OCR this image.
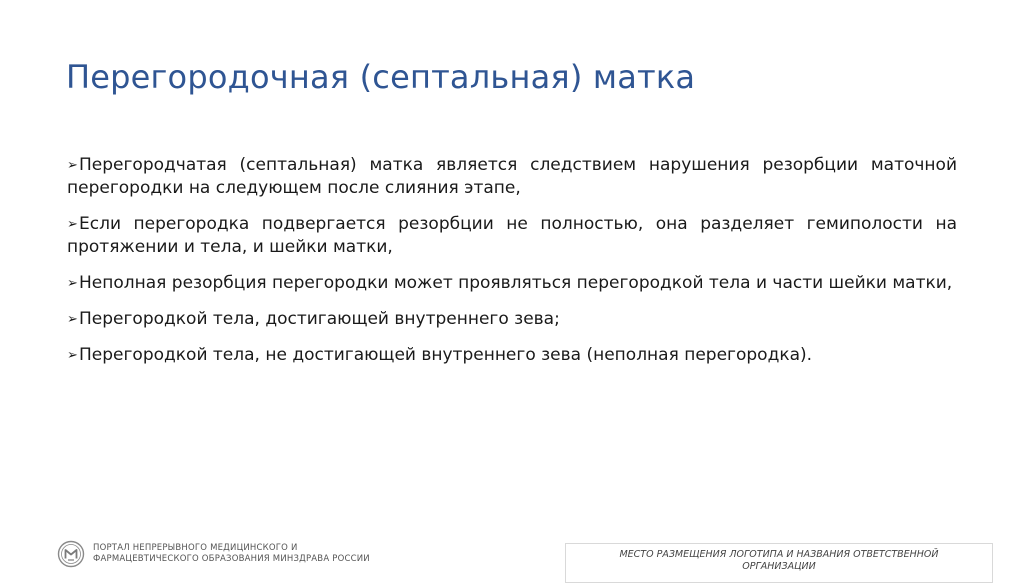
Перегородочная (септальная) матка
➢Перегородчатая (септальная) матка является следствием нарушения резорбции маточной перегородки на следующем после слияния этапе,
➢Если перегородка подвергается резорбции не полностью, она разделяет гемиполости на протяжении и тела, и шейки матки,
➢Неполная резорбция перегородки может проявляться перегородкой тела и части шейки матки,
➢Перегородкой тела, достигающей внутреннего зева;
➢Перегородкой тела, не достигающей внутреннего зева (неполная перегородка).
ПОРТАЛ НЕПРЕРЫВНОГО МЕДИЦИНСКОГО И
ФАРМАЦЕВТИЧЕСКОГО ОБРАЗОВАНИЯ МИНЗДРАВА РОССИИ	МЕСТО РАЗМЕЩЕНИЯ ЛОГОТИПА И НАЗВАНИЯ ОТВЕТСТВЕННОЙ ОРГАНИЗАЦИИ
